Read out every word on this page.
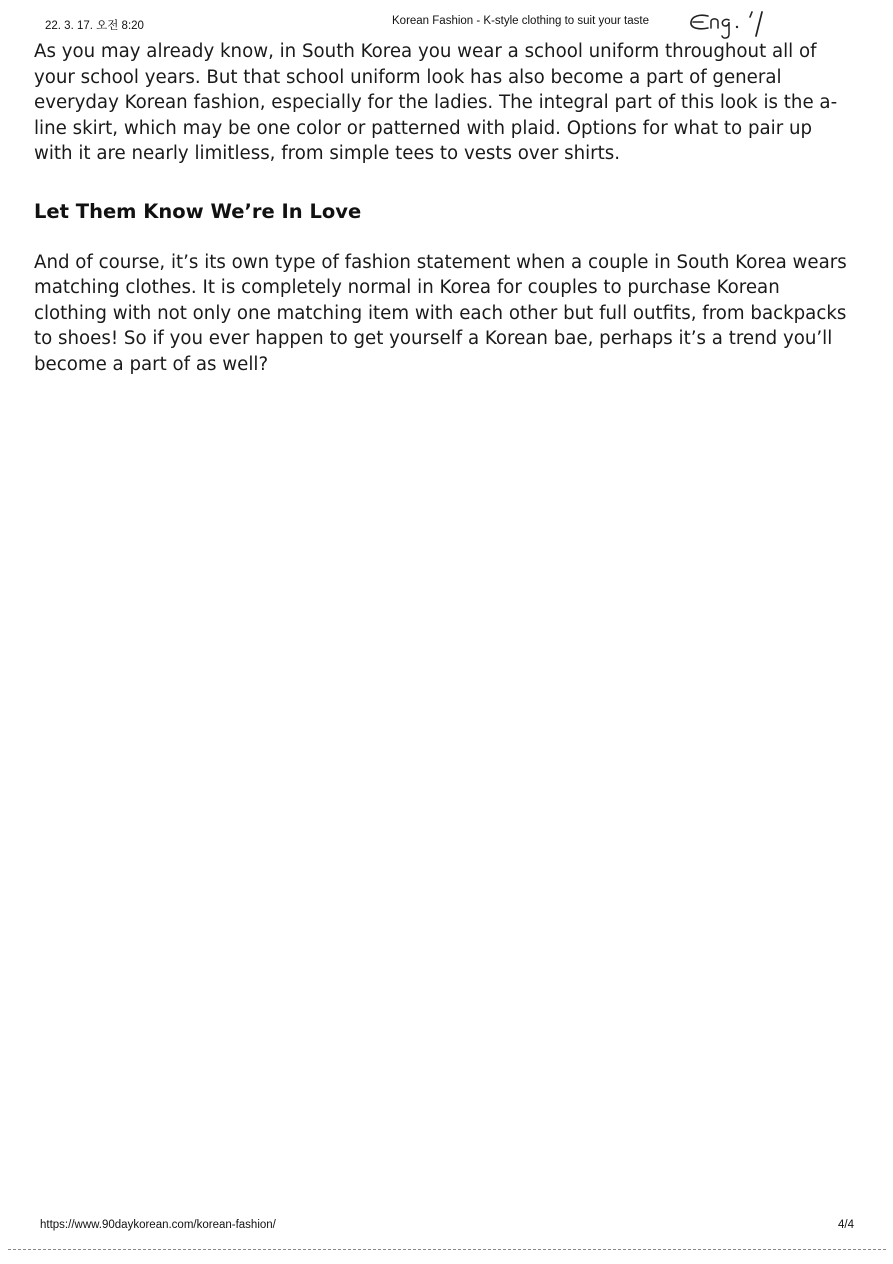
22. 3. 17. 오전 8:20	Korean Fashion - K-style clothing to suit your taste

As you may already know, in South Korea you wear a school uniform throughout all of your school years. But that school uniform look has also become a part of general everyday Korean fashion, especially for the ladies. The integral part of this look is the a-line skirt, which may be one color or patterned with plaid. Options for what to pair up with it are nearly limitless, from simple tees to vests over shirts.

Let Them Know We’re In Love

And of course, it’s its own type of fashion statement when a couple in South Korea wears matching clothes. It is completely normal in Korea for couples to purchase Korean clothing with not only one matching item with each other but full outfits, from backpacks to shoes! So if you ever happen to get yourself a Korean bae, perhaps it’s a trend you’ll become a part of as well?

https://www.90daykorean.com/korean-fashion/	4/4
